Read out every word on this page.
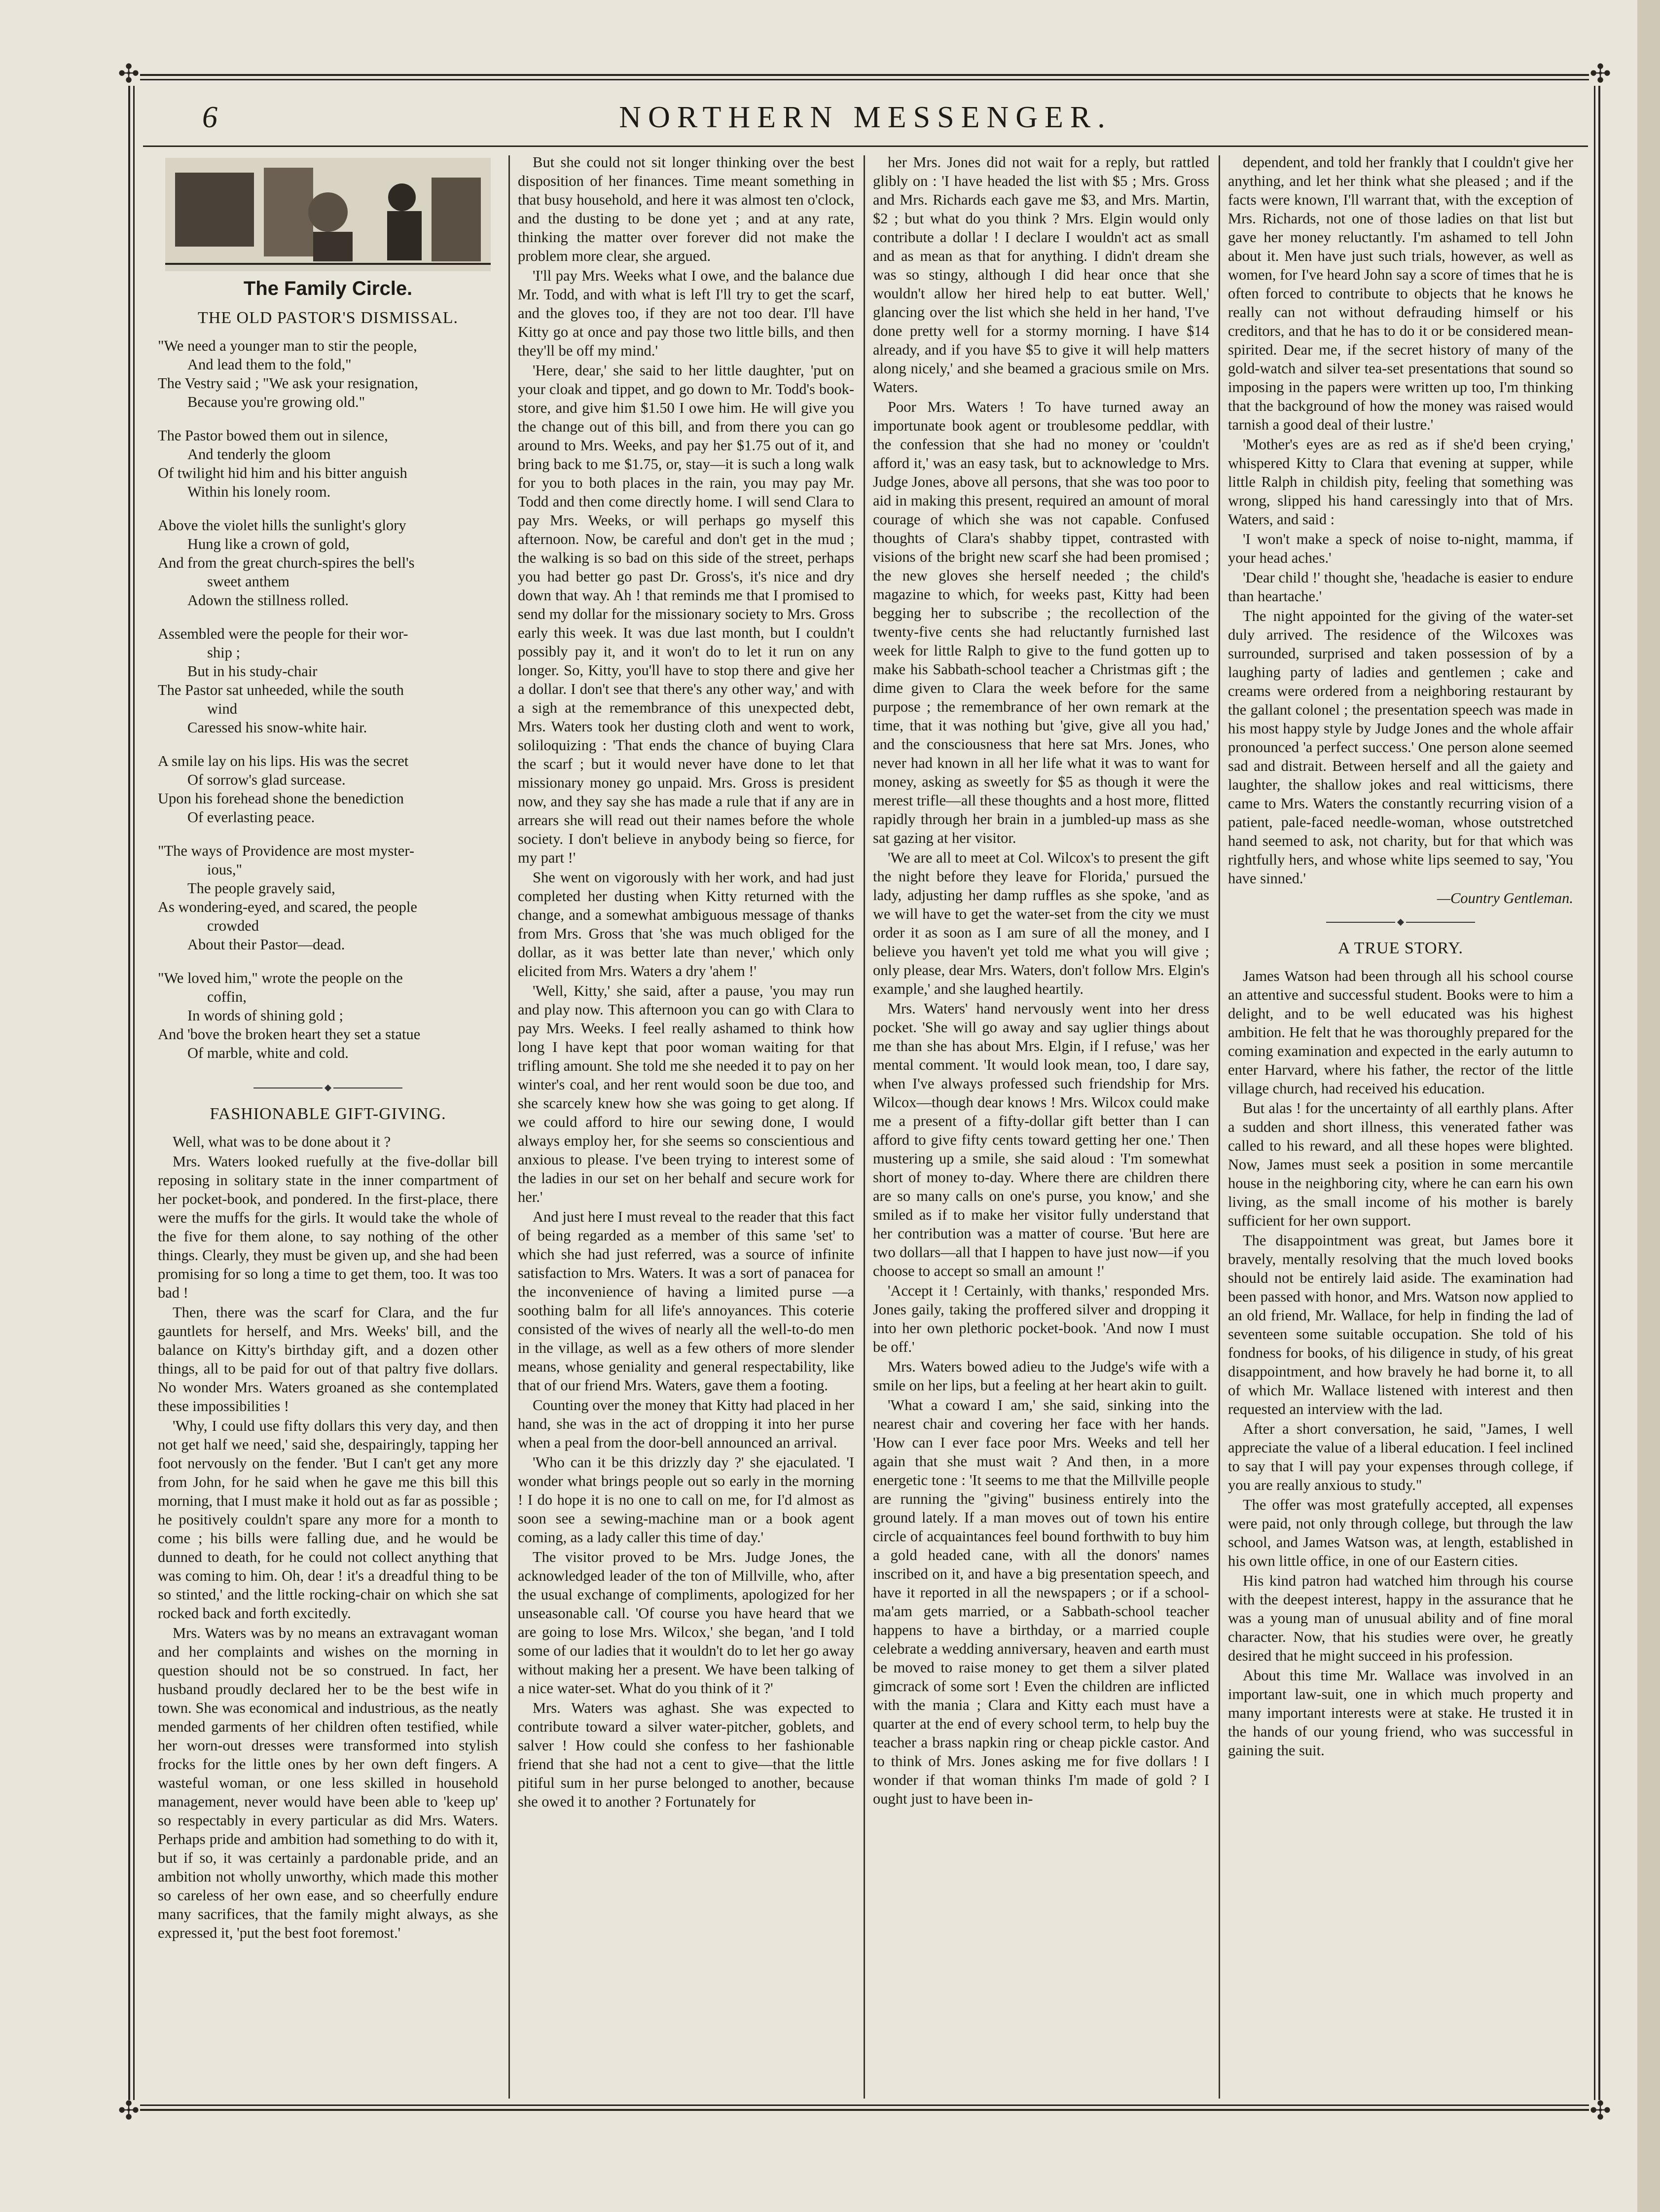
✣	✣
✣	✣
6	NORTHERN MESSENGER.
The Family Circle.
THE OLD PASTOR'S DISMISSAL.
"We need a younger man to stir the people,
And lead them to the fold,"
The Vestry said ; "We ask your resignation,
Because you're growing old."
The Pastor bowed them out in silence,
And tenderly the gloom
Of twilight hid him and his bitter anguish
Within his lonely room.
Above the violet hills the sunlight's glory
Hung like a crown of gold,
And from the great church-spires the bell's
sweet anthem
Adown the stillness rolled.
Assembled were the people for their wor-
ship ;
But in his study-chair
The Pastor sat unheeded, while the south
wind
Caressed his snow-white hair.
A smile lay on his lips. His was the secret
Of sorrow's glad surcease.
Upon his forehead shone the benediction
Of everlasting peace.
"The ways of Providence are most myster-
ious,"
The people gravely said,
As wondering-eyed, and scared, the people
crowded
About their Pastor—dead.
"We loved him," wrote the people on the
coffin,
In words of shining gold ;
And 'bove the broken heart they set a statue
Of marble, white and cold.
FASHIONABLE GIFT-GIVING.

Well, what was to be done about it ?

Mrs. Waters looked ruefully at the five-dollar bill reposing in solitary state in the inner compartment of her pocket-book, and pondered. In the first-place, there were the muffs for the girls. It would take the whole of the five for them alone, to say nothing of the other things. Clearly, they must be given up, and she had been promising for so long a time to get them, too. It was too bad !

Then, there was the scarf for Clara, and the fur gauntlets for herself, and Mrs. Weeks' bill, and the balance on Kitty's birthday gift, and a dozen other things, all to be paid for out of that paltry five dollars. No wonder Mrs. Waters groaned as she contemplated these impossibilities !

'Why, I could use fifty dollars this very day, and then not get half we need,' said she, despairingly, tapping her foot nervously on the fender. 'But I can't get any more from John, for he said when he gave me this bill this morning, that I must make it hold out as far as possible ; he positively couldn't spare any more for a month to come ; his bills were falling due, and he would be dunned to death, for he could not collect anything that was coming to him. Oh, dear ! it's a dreadful thing to be so stinted,' and the little rocking-chair on which she sat rocked back and forth excitedly.

Mrs. Waters was by no means an extravagant woman and her complaints and wishes on the morning in question should not be so construed. In fact, her husband proudly declared her to be the best wife in town. She was economical and industrious, as the neatly mended garments of her children often testified, while her worn-out dresses were transformed into stylish frocks for the little ones by her own deft fingers. A wasteful woman, or one less skilled in household management, never would have been able to 'keep up' so respectably in every particular as did Mrs. Waters. Perhaps pride and ambition had something to do with it, but if so, it was certainly a pardonable pride, and an ambition not wholly unworthy, which made this mother so careless of her own ease, and so cheerfully endure many sacrifices, that the family might always, as she expressed it, 'put the best foot foremost.'

But she could not sit longer thinking over the best disposition of her finances. Time meant something in that busy household, and here it was almost ten o'clock, and the dusting to be done yet ; and at any rate, thinking the matter over forever did not make the problem more clear, she argued.

'I'll pay Mrs. Weeks what I owe, and the balance due Mr. Todd, and with what is left I'll try to get the scarf, and the gloves too, if they are not too dear. I'll have Kitty go at once and pay those two little bills, and then they'll be off my mind.'

'Here, dear,' she said to her little daughter, 'put on your cloak and tippet, and go down to Mr. Todd's book-store, and give him $1.50 I owe him. He will give you the change out of this bill, and from there you can go around to Mrs. Weeks, and pay her $1.75 out of it, and bring back to me $1.75, or, stay—it is such a long walk for you to both places in the rain, you may pay Mr. Todd and then come directly home. I will send Clara to pay Mrs. Weeks, or will perhaps go myself this afternoon. Now, be careful and don't get in the mud ; the walking is so bad on this side of the street, perhaps you had better go past Dr. Gross's, it's nice and dry down that way. Ah ! that reminds me that I promised to send my dollar for the missionary society to Mrs. Gross early this week. It was due last month, but I couldn't possibly pay it, and it won't do to let it run on any longer. So, Kitty, you'll have to stop there and give her a dollar. I don't see that there's any other way,' and with a sigh at the remembrance of this unexpected debt, Mrs. Waters took her dusting cloth and went to work, soliloquizing : 'That ends the chance of buying Clara the scarf ; but it would never have done to let that missionary money go unpaid. Mrs. Gross is president now, and they say she has made a rule that if any are in arrears she will read out their names before the whole society. I don't believe in anybody being so fierce, for my part !'

She went on vigorously with her work, and had just completed her dusting when Kitty returned with the change, and a somewhat ambiguous message of thanks from Mrs. Gross that 'she was much obliged for the dollar, as it was better late than never,' which only elicited from Mrs. Waters a dry 'ahem !'

'Well, Kitty,' she said, after a pause, 'you may run and play now. This afternoon you can go with Clara to pay Mrs. Weeks. I feel really ashamed to think how long I have kept that poor woman waiting for that trifling amount. She told me she needed it to pay on her winter's coal, and her rent would soon be due too, and she scarcely knew how she was going to get along. If we could afford to hire our sewing done, I would always employ her, for she seems so conscientious and anxious to please. I've been trying to interest some of the ladies in our set on her behalf and secure work for her.'

And just here I must reveal to the reader that this fact of being regarded as a member of this same 'set' to which she had just referred, was a source of infinite satisfaction to Mrs. Waters. It was a sort of panacea for the inconvenience of having a limited purse —a soothing balm for all life's annoyances. This coterie consisted of the wives of nearly all the well-to-do men in the village, as well as a few others of more slender means, whose geniality and general respectability, like that of our friend Mrs. Waters, gave them a footing.

Counting over the money that Kitty had placed in her hand, she was in the act of dropping it into her purse when a peal from the door-bell announced an arrival.

'Who can it be this drizzly day ?' she ejaculated. 'I wonder what brings people out so early in the morning ! I do hope it is no one to call on me, for I'd almost as soon see a sewing-machine man or a book agent coming, as a lady caller this time of day.'

The visitor proved to be Mrs. Judge Jones, the acknowledged leader of the ton of Millville, who, after the usual exchange of compliments, apologized for her unseasonable call. 'Of course you have heard that we are going to lose Mrs. Wilcox,' she began, 'and I told some of our ladies that it wouldn't do to let her go away without making her a present. We have been talking of a nice water-set. What do you think of it ?'

Mrs. Waters was aghast. She was expected to contribute toward a silver water-pitcher, goblets, and salver ! How could she confess to her fashionable friend that she had not a cent to give—that the little pitiful sum in her purse belonged to another, because she owed it to another ? Fortunately for

her Mrs. Jones did not wait for a reply, but rattled glibly on : 'I have headed the list with $5 ; Mrs. Gross and Mrs. Richards each gave me $3, and Mrs. Martin, $2 ; but what do you think ? Mrs. Elgin would only contribute a dollar ! I declare I wouldn't act as small and as mean as that for anything. I didn't dream she was so stingy, although I did hear once that she wouldn't allow her hired help to eat butter. Well,' glancing over the list which she held in her hand, 'I've done pretty well for a stormy morning. I have $14 already, and if you have $5 to give it will help matters along nicely,' and she beamed a gracious smile on Mrs. Waters.

Poor Mrs. Waters ! To have turned away an importunate book agent or troublesome peddlar, with the confession that she had no money or 'couldn't afford it,' was an easy task, but to acknowledge to Mrs. Judge Jones, above all persons, that she was too poor to aid in making this present, required an amount of moral courage of which she was not capable. Confused thoughts of Clara's shabby tippet, contrasted with visions of the bright new scarf she had been promised ; the new gloves she herself needed ; the child's magazine to which, for weeks past, Kitty had been begging her to subscribe ; the recollection of the twenty-five cents she had reluctantly furnished last week for little Ralph to give to the fund gotten up to make his Sabbath-school teacher a Christmas gift ; the dime given to Clara the week before for the same purpose ; the remembrance of her own remark at the time, that it was nothing but 'give, give all you had,' and the consciousness that here sat Mrs. Jones, who never had known in all her life what it was to want for money, asking as sweetly for $5 as though it were the merest trifle—all these thoughts and a host more, flitted rapidly through her brain in a jumbled-up mass as she sat gazing at her visitor.

'We are all to meet at Col. Wilcox's to present the gift the night before they leave for Florida,' pursued the lady, adjusting her damp ruffles as she spoke, 'and as we will have to get the water-set from the city we must order it as soon as I am sure of all the money, and I believe you haven't yet told me what you will give ; only please, dear Mrs. Waters, don't follow Mrs. Elgin's example,' and she laughed heartily.

Mrs. Waters' hand nervously went into her dress pocket. 'She will go away and say uglier things about me than she has about Mrs. Elgin, if I refuse,' was her mental comment. 'It would look mean, too, I dare say, when I've always professed such friendship for Mrs. Wilcox—though dear knows ! Mrs. Wilcox could make me a present of a fifty-dollar gift better than I can afford to give fifty cents toward getting her one.' Then mustering up a smile, she said aloud : 'I'm somewhat short of money to-day. Where there are children there are so many calls on one's purse, you know,' and she smiled as if to make her visitor fully understand that her contribution was a matter of course. 'But here are two dollars—all that I happen to have just now—if you choose to accept so small an amount !'

'Accept it ! Certainly, with thanks,' responded Mrs. Jones gaily, taking the proffered silver and dropping it into her own plethoric pocket-book. 'And now I must be off.'

Mrs. Waters bowed adieu to the Judge's wife with a smile on her lips, but a feeling at her heart akin to guilt.

'What a coward I am,' she said, sinking into the nearest chair and covering her face with her hands. 'How can I ever face poor Mrs. Weeks and tell her again that she must wait ? And then, in a more energetic tone : 'It seems to me that the Millville people are running the "giving" business entirely into the ground lately. If a man moves out of town his entire circle of acquaintances feel bound forthwith to buy him a gold headed cane, with all the donors' names inscribed on it, and have a big presentation speech, and have it reported in all the newspapers ; or if a school-ma'am gets married, or a Sabbath-school teacher happens to have a birthday, or a married couple celebrate a wedding anniversary, heaven and earth must be moved to raise money to get them a silver plated gimcrack of some sort ! Even the children are inflicted with the mania ; Clara and Kitty each must have a quarter at the end of every school term, to help buy the teacher a brass napkin ring or cheap pickle castor. And to think of Mrs. Jones asking me for five dollars ! I wonder if that woman thinks I'm made of gold ? I ought just to have been in-

dependent, and told her frankly that I couldn't give her anything, and let her think what she pleased ; and if the facts were known, I'll warrant that, with the exception of Mrs. Richards, not one of those ladies on that list but gave her money reluctantly. I'm ashamed to tell John about it. Men have just such trials, however, as well as women, for I've heard John say a score of times that he is often forced to contribute to objects that he knows he really can not without defrauding himself or his creditors, and that he has to do it or be considered mean-spirited. Dear me, if the secret history of many of the gold-watch and silver tea-set presentations that sound so imposing in the papers were written up too, I'm thinking that the background of how the money was raised would tarnish a good deal of their lustre.'

'Mother's eyes are as red as if she'd been crying,' whispered Kitty to Clara that evening at supper, while little Ralph in childish pity, feeling that something was wrong, slipped his hand caressingly into that of Mrs. Waters, and said :

'I won't make a speck of noise to-night, mamma, if your head aches.'

'Dear child !' thought she, 'headache is easier to endure than heartache.'

The night appointed for the giving of the water-set duly arrived. The residence of the Wilcoxes was surrounded, surprised and taken possession of by a laughing party of ladies and gentlemen ; cake and creams were ordered from a neighboring restaurant by the gallant colonel ; the presentation speech was made in his most happy style by Judge Jones and the whole affair pronounced 'a perfect success.' One person alone seemed sad and distrait. Between herself and all the gaiety and laughter, the shallow jokes and real witticisms, there came to Mrs. Waters the constantly recurring vision of a patient, pale-faced needle-woman, whose outstretched hand seemed to ask, not charity, but for that which was rightfully hers, and whose white lips seemed to say, 'You have sinned.'

—Country Gentleman.

A TRUE STORY.

James Watson had been through all his school course an attentive and successful student. Books were to him a delight, and to be well educated was his highest ambition. He felt that he was thoroughly prepared for the coming examination and expected in the early autumn to enter Harvard, where his father, the rector of the little village church, had received his education.

But alas ! for the uncertainty of all earthly plans. After a sudden and short illness, this venerated father was called to his reward, and all these hopes were blighted. Now, James must seek a position in some mercantile house in the neighboring city, where he can earn his own living, as the small income of his mother is barely sufficient for her own support.

The disappointment was great, but James bore it bravely, mentally resolving that the much loved books should not be entirely laid aside. The examination had been passed with honor, and Mrs. Watson now applied to an old friend, Mr. Wallace, for help in finding the lad of seventeen some suitable occupation. She told of his fondness for books, of his diligence in study, of his great disappointment, and how bravely he had borne it, to all of which Mr. Wallace listened with interest and then requested an interview with the lad.

After a short conversation, he said, "James, I well appreciate the value of a liberal education. I feel inclined to say that I will pay your expenses through college, if you are really anxious to study."

The offer was most gratefully accepted, all expenses were paid, not only through college, but through the law school, and James Watson was, at length, established in his own little office, in one of our Eastern cities.

His kind patron had watched him through his course with the deepest interest, happy in the assurance that he was a young man of unusual ability and of fine moral character. Now, that his studies were over, he greatly desired that he might succeed in his profession.

About this time Mr. Wallace was involved in an important law-suit, one in which much property and many important interests were at stake. He trusted it in the hands of our young friend, who was successful in gaining the suit.
